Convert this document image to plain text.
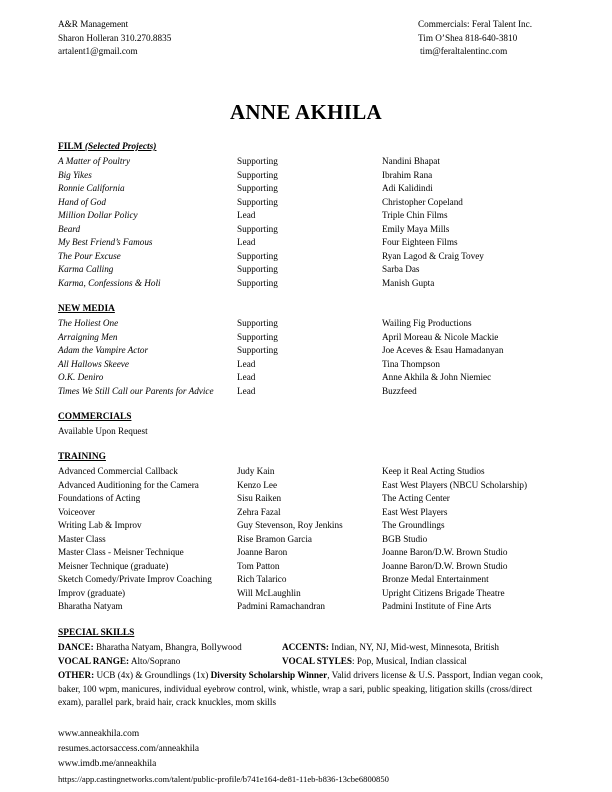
A&R Management
Sharon Holleran 310.270.8835
artalent1@gmail.com
Commercials: Feral Talent Inc.
Tim O’Shea 818-640-3810
tim@feraltalentinc.com
ANNE AKHILA
FILM (Selected Projects)
A Matter of Poultry	Supporting	Nandini Bhapat
Big Yikes	Supporting	Ibrahim Rana
Ronnie California	Supporting	Adi Kalidindi
Hand of God	Supporting	Christopher Copeland
Million Dollar Policy	Lead	Triple Chin Films
Beard	Supporting	Emily Maya Mills
My Best Friend’s Famous	Lead	Four Eighteen Films
The Pour Excuse	Supporting	Ryan Lagod & Craig Tovey
Karma Calling	Supporting	Sarba Das
Karma, Confessions & Holi	Supporting	Manish Gupta
NEW MEDIA
The Holiest One	Supporting	Wailing Fig Productions
Arraigning Men	Supporting	April Moreau & Nicole Mackie
Adam the Vampire Actor	Supporting	Joe Aceves & Esau Hamadanyan
All Hallows Skeeve	Lead	Tina Thompson
O.K. Deniro	Lead	Anne Akhila & John Niemiec
Times We Still Call our Parents for Advice	Lead	Buzzfeed
COMMERCIALS
Available Upon Request
TRAINING
Advanced Commercial Callback	Judy Kain	Keep it Real Acting Studios
Advanced Auditioning for the Camera	Kenzo Lee	East West Players (NBCU Scholarship)
Foundations of Acting	Sisu Raiken	The Acting Center
Voiceover	Zehra Fazal	East West Players
Writing Lab & Improv	Guy Stevenson, Roy Jenkins	The Groundlings
Master Class	Rise Bramon Garcia	BGB Studio
Master Class - Meisner Technique	Joanne Baron	Joanne Baron/D.W. Brown Studio
Meisner Technique (graduate)	Tom Patton	Joanne Baron/D.W. Brown Studio
Sketch Comedy/Private Improv Coaching	Rich Talarico	Bronze Medal Entertainment
Improv (graduate)	Will McLaughlin	Upright Citizens Brigade Theatre
Bharatha Natyam	Padmini Ramachandran	Padmini Institute of Fine Arts
SPECIAL SKILLS
DANCE: Bharatha Natyam, Bhangra, Bollywood	ACCENTS: Indian, NY, NJ, Mid-west, Minnesota, British
VOCAL RANGE: Alto/Soprano	VOCAL STYLES: Pop, Musical, Indian classical
OTHER: UCB (4x) & Groundlings (1x) Diversity Scholarship Winner, Valid drivers license & U.S. Passport, Indian vegan cook, baker, 100 wpm, manicures, individual eyebrow control, wink, whistle, wrap a sari, public speaking, litigation skills (cross/direct exam), parallel park, braid hair, crack knuckles, mom skills
www.anneakhila.com
resumes.actorsaccess.com/anneakhila
www.imdb.me/anneakhila
https://app.castingnetworks.com/talent/public-profile/b741e164-de81-11eb-b836-13cbe6800850
